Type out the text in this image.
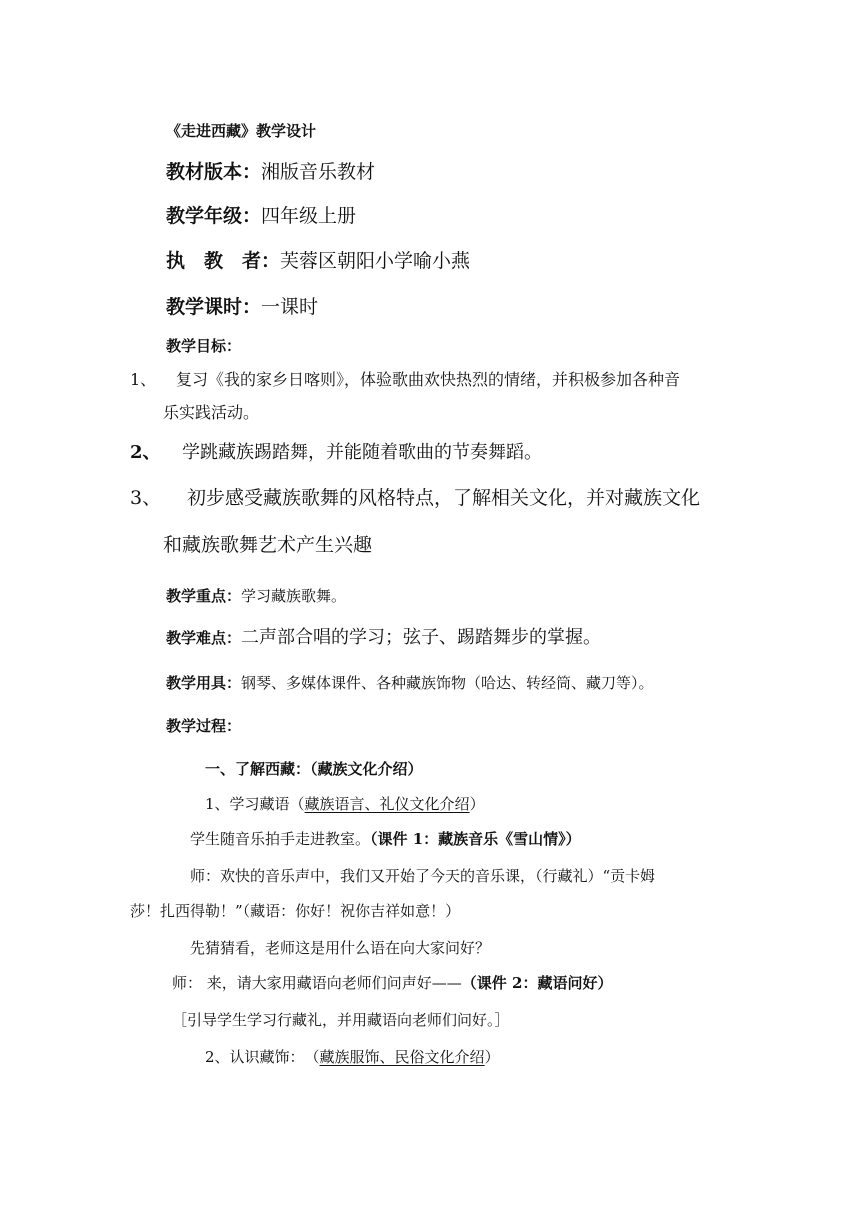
《走进西藏》教学设计
教材版本：湘版音乐教材
教学年级：四年级上册
执　教　者：芙蓉区朝阳小学喻小燕
教学课时：一课时
教学目标：
1、 复习《我的家乡日喀则》，体验歌曲欢快热烈的情绪，并积极参加各种音
乐实践活动。
2、 学跳藏族踢踏舞，并能随着歌曲的节奏舞蹈。
3、 初步感受藏族歌舞的风格特点，了解相关文化，并对藏族文化
和藏族歌舞艺术产生兴趣
教学重点：学习藏族歌舞。
教学难点：二声部合唱的学习；弦子、踢踏舞步的掌握。
教学用具：钢琴、多媒体课件、各种藏族饰物（哈达、转经筒、藏刀等）。
教学过程：
一、了解西藏：（藏族文化介绍）
1、学习藏语（藏族语言、礼仪文化介绍）
学生随音乐拍手走进教室。（课件 1：藏族音乐《雪山情》）
师：欢快的音乐声中，我们又开始了今天的音乐课，（行藏礼）“贡卡姆
莎！扎西得勒！”（藏语：你好！祝你吉祥如意！）
先猜猜看，老师这是用什么语在向大家问好？
师： 来，请大家用藏语向老师们问声好——（课件 2：藏语问好）
［引导学生学习行藏礼，并用藏语向老师们问好。］
2、认识藏饰：　（藏族服饰、民俗文化介绍）
